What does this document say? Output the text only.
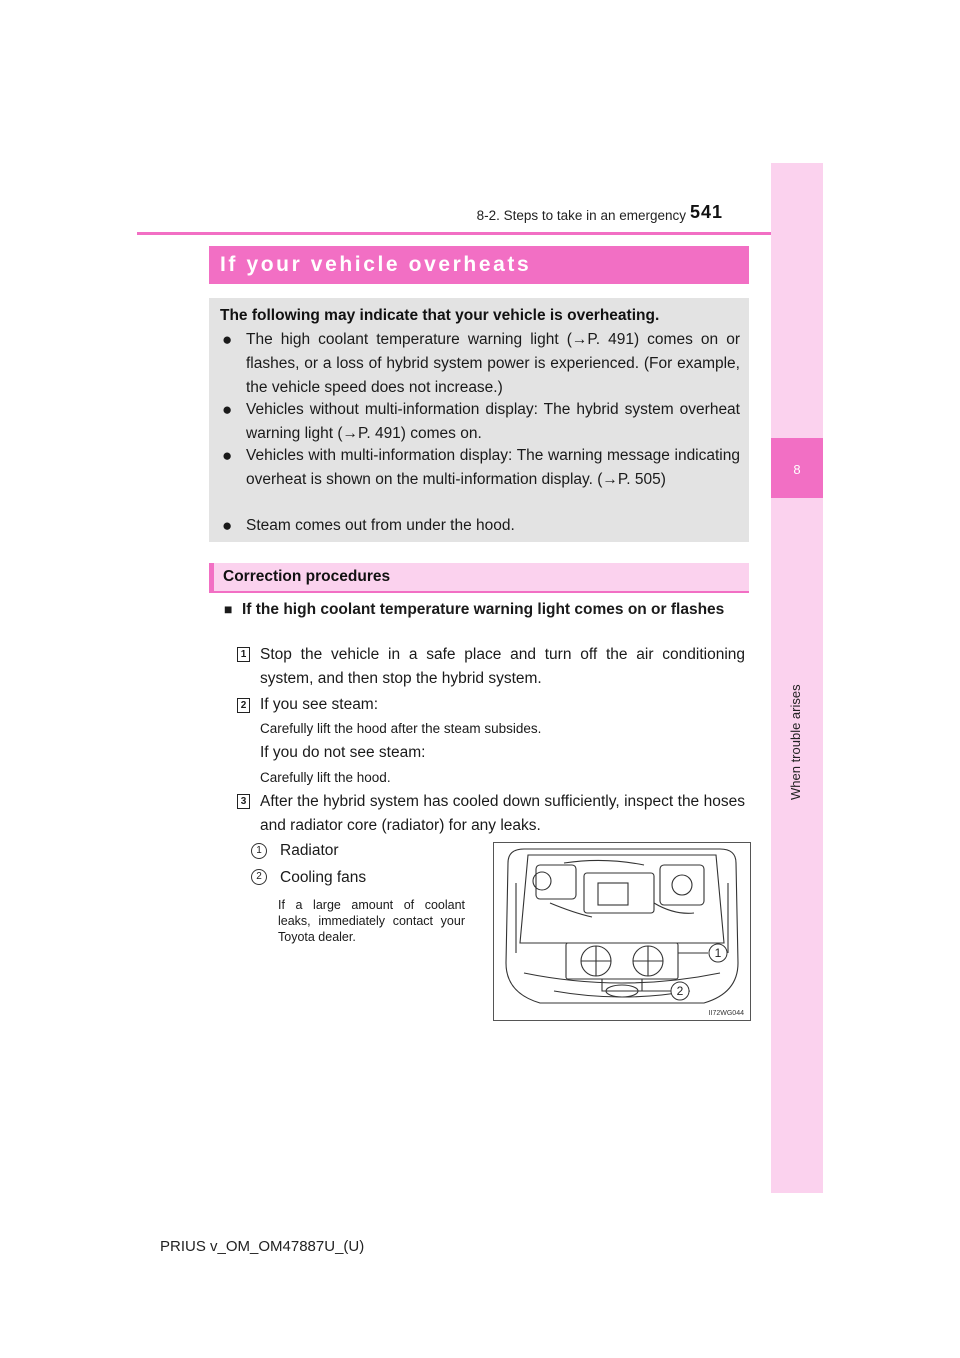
8-2. Steps to take in an emergency 541
8
When trouble arises
If your vehicle overheats
The following may indicate that your vehicle is overheating.
● The high coolant temperature warning light (→P. 491) comes on or flashes, or a loss of hybrid system power is experienced. (For example, the vehicle speed does not increase.)
● Vehicles without multi-information display: The hybrid system overheat warning light (→P. 491) comes on.
● Vehicles with multi-information display: The warning message indicating overheat is shown on the multi-information display. (→P. 505)
● Steam comes out from under the hood.
Correction procedures
■ If the high coolant temperature warning light comes on or flashes
1 Stop the vehicle in a safe place and turn off the air conditioning system, and then stop the hybrid system.
2 If you see steam:
Carefully lift the hood after the steam subsides.
If you do not see steam:
Carefully lift the hood.
3 After the hybrid system has cooled down sufficiently, inspect the hoses and radiator core (radiator) for any leaks.
1	Radiator
2	Cooling fans
If a large amount of coolant leaks, immediately contact your Toyota dealer.
1
2
II72WG044
PRIUS v_OM_OM47887U_(U)
